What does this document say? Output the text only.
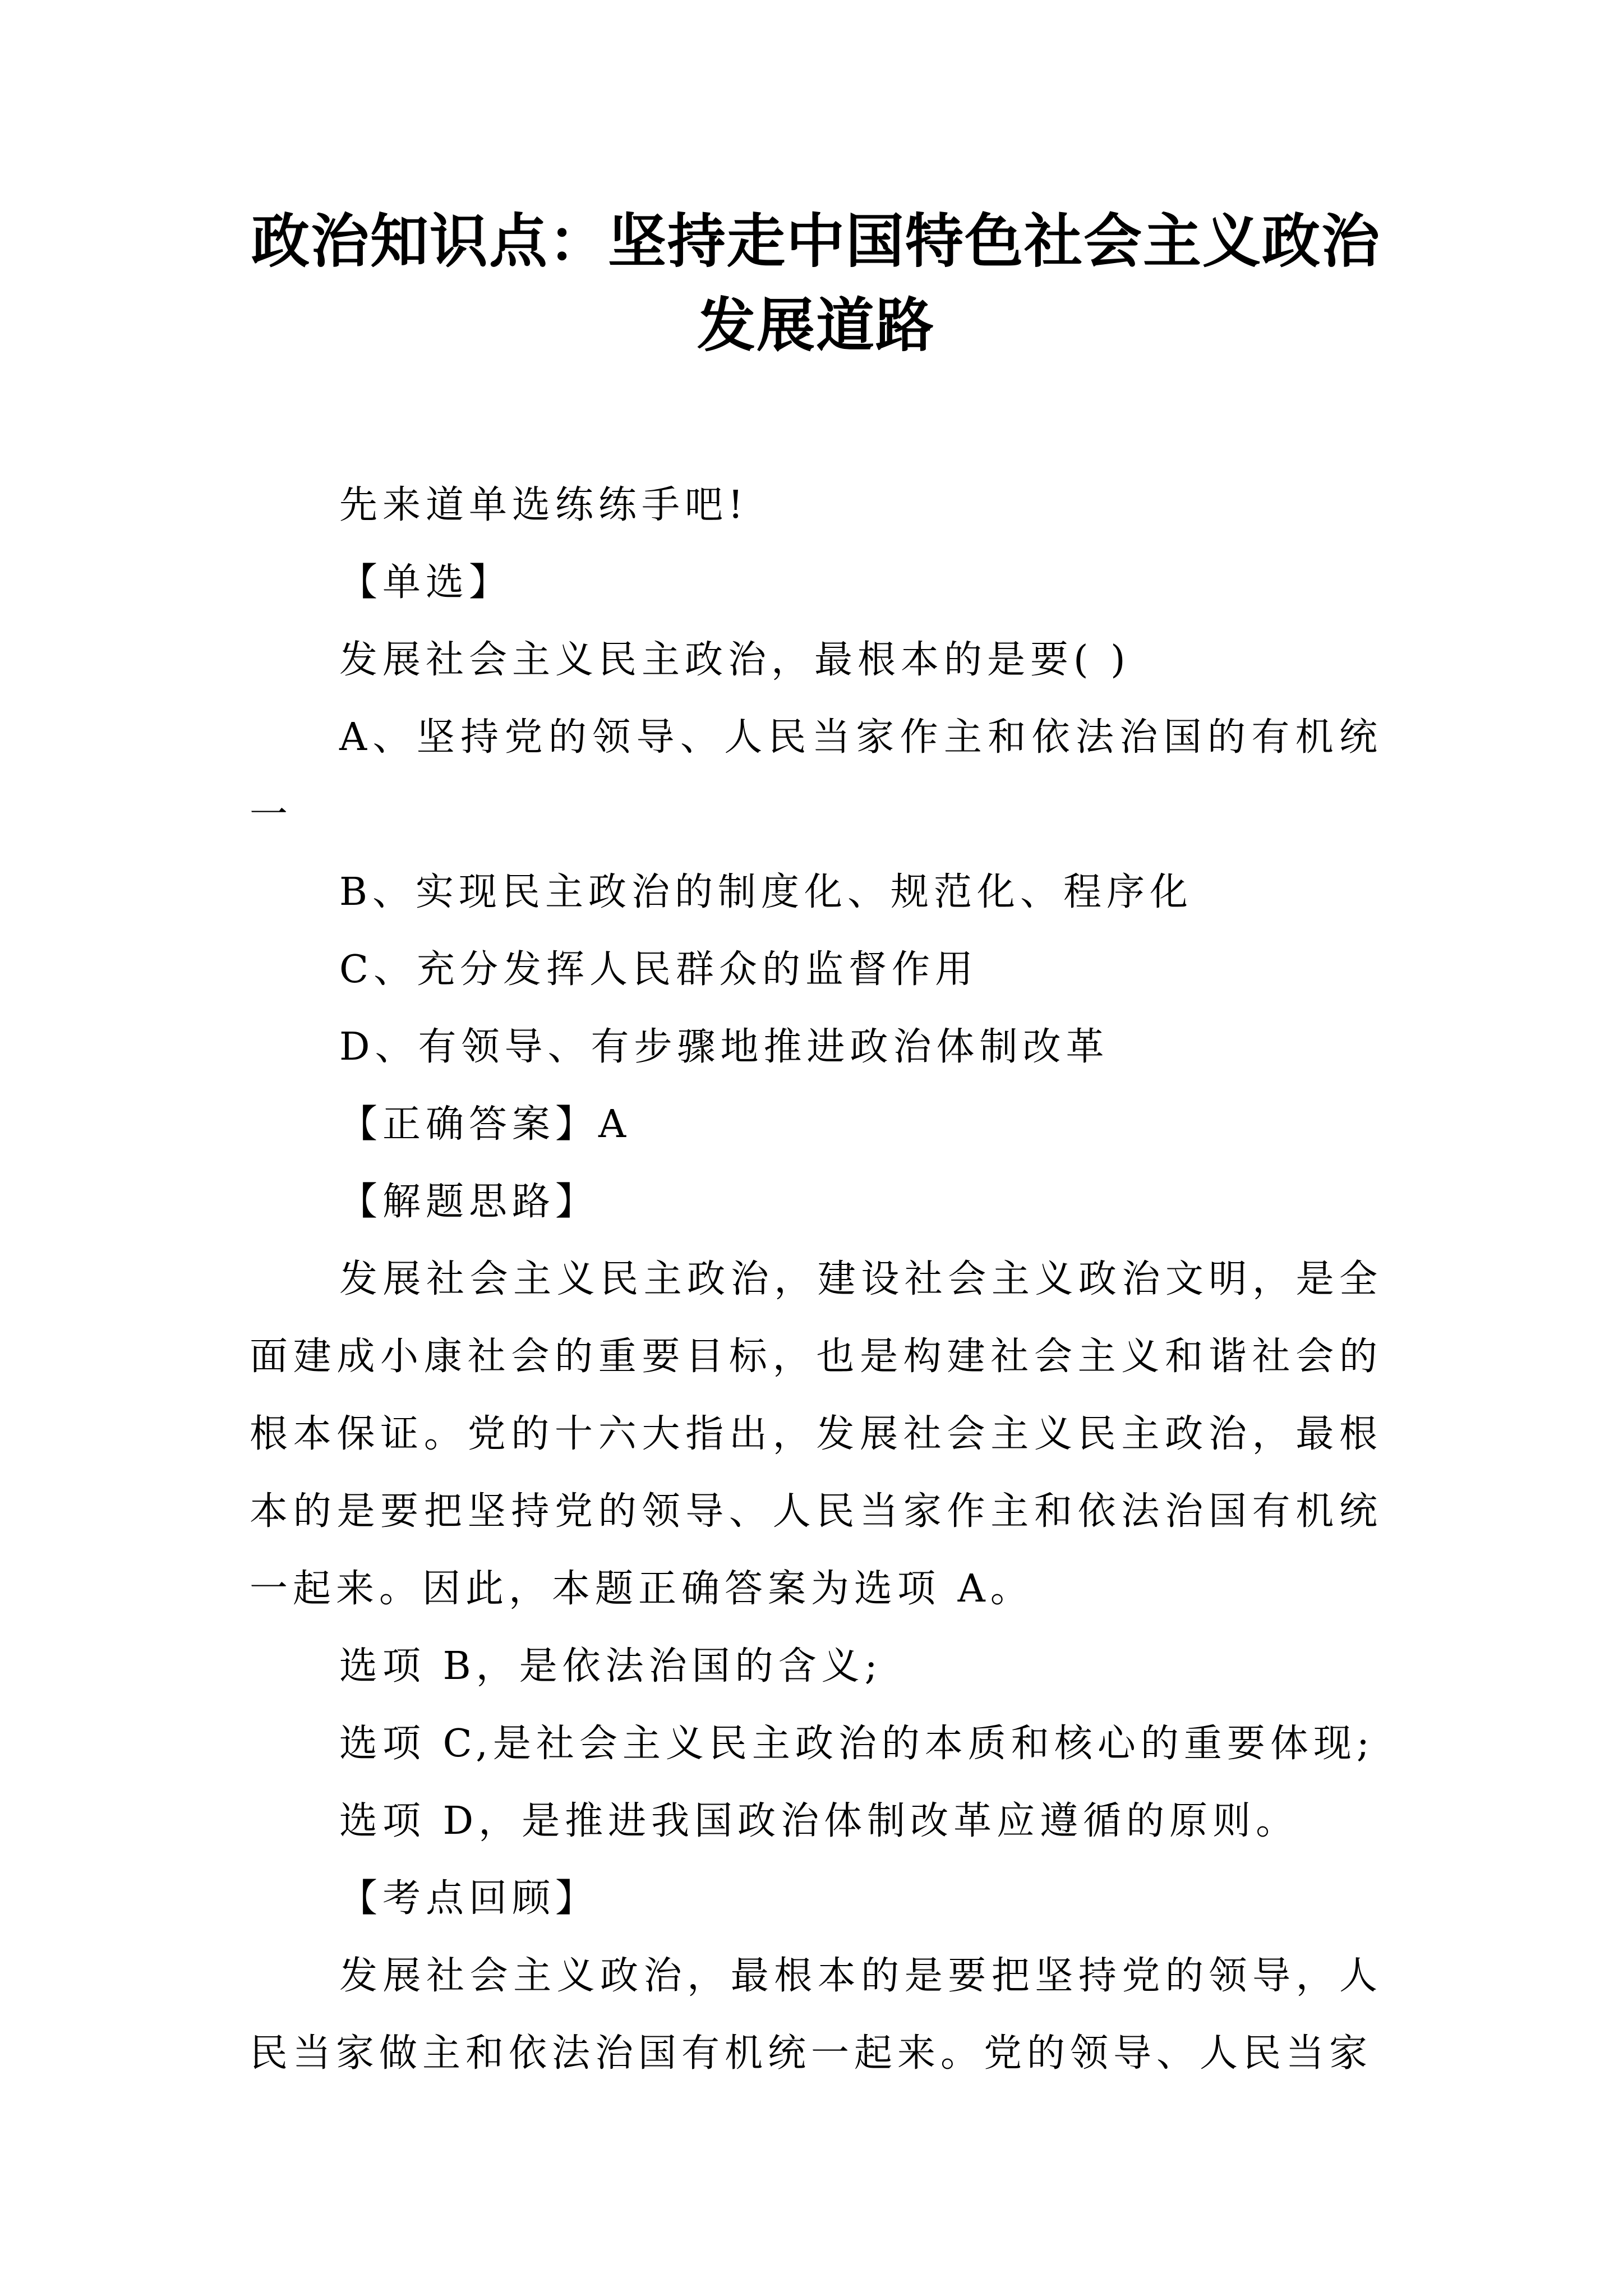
政治知识点：坚持走中国特色社会主义政治
发展道路

先来道单选练练手吧!

【单选】

发展社会主义民主政治，最根本的是要( )

A、坚持党的领导、人民当家作主和依法治国的有机统一

B、实现民主政治的制度化、规范化、程序化

C、充分发挥人民群众的监督作用

D、有领导、有步骤地推进政治体制改革

【正确答案】A

【解题思路】

发展社会主义民主政治，建设社会主义政治文明，是全面建成小康社会的重要目标，也是构建社会主义和谐社会的根本保证。党的十六大指出，发展社会主义民主政治，最根本的是要把坚持党的领导、人民当家作主和依法治国有机统一起来。因此，本题正确答案为选项 A。

选项 B，是依法治国的含义;

选项 C,是社会主义民主政治的本质和核心的重要体现;

选项 D，是推进我国政治体制改革应遵循的原则。

【考点回顾】

发展社会主义政治，最根本的是要把坚持党的领导，人民当家做主和依法治国有机统一起来。党的领导、人民当家
